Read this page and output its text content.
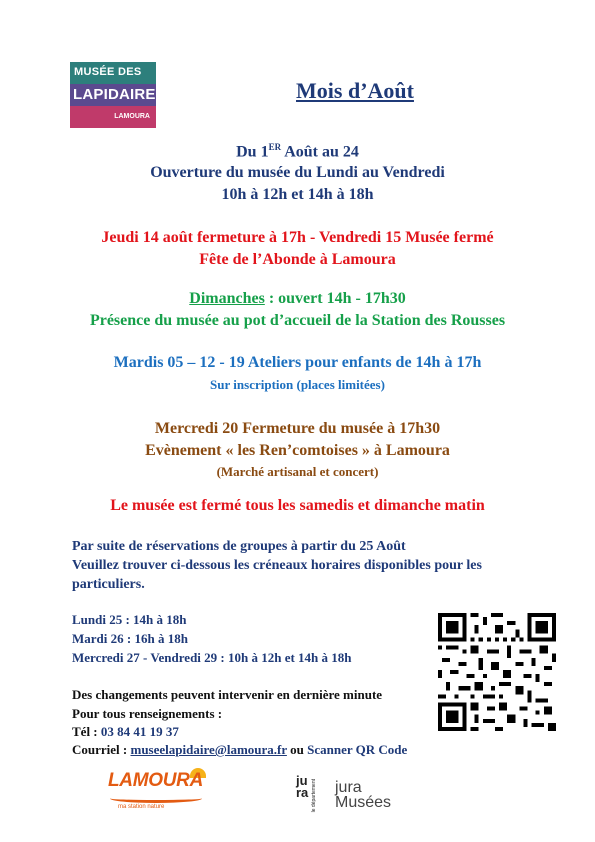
MUSÉE DES
LAPIDAIRES
LAMOURA
Mois d’Août
Du 1ER Août au 24
Ouverture du musée du Lundi au Vendredi
10h à 12h et 14h à 18h
Jeudi 14 août fermeture à 17h - Vendredi 15 Musée fermé
Fête de l’Abonde à Lamoura
Dimanches : ouvert 14h - 17h30
Présence du musée au pot d’accueil de la Station des Rousses
Mardis 05 – 12 - 19 Ateliers pour enfants de 14h à 17h
Sur inscription (places limitées)
Mercredi 20 Fermeture du musée à 17h30
Evènement « les Ren’comtoises » à Lamoura
(Marché artisanal et concert)
Le musée est fermé tous les samedis et dimanche matin
Par suite de réservations de groupes à partir du 25 Août
Veuillez trouver ci-dessous les créneaux horaires disponibles pour les
particuliers.
Lundi 25 : 14h à 18h
Mardi 26 : 16h à 18h
Mercredi 27 - Vendredi 29 : 10h à 12h et 14h à 18h
Des changements peuvent intervenir en dernière minute
Pour tous renseignements :
Tél : 03 84 41 19 37
Courriel : museelapidaire@lamoura.fr ou Scanner QR Code
LAMOURA
ma station nature
jura le département jura
Musées
